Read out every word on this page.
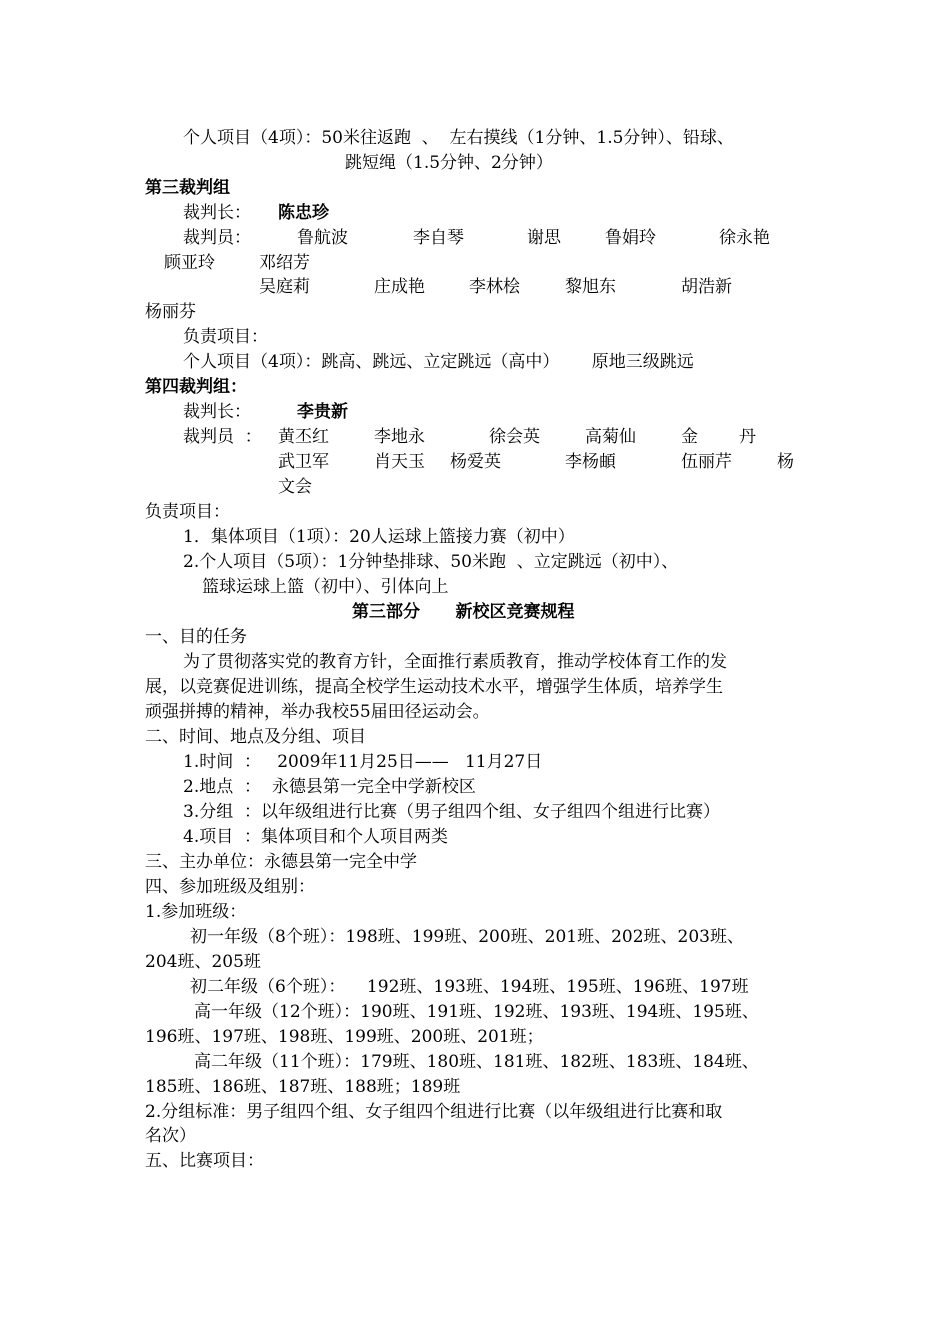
个人项目（4项）：50米往返跑  、  左右摸线（1分钟、1.5分钟）、铅球、
跳短绳（1.5分钟、2分钟）
第三裁判组
裁判长： 陈忠珍
裁判员：	鲁航波	李自琴	谢思	鲁娟玲	徐永艳
顾亚玲	邓绍芳
吴庭莉	庄成艳	李林桧	黎旭东	胡浩新
杨丽芬
负责项目：
个人项目（4项）：跳高、跳远、立定跳远（高中）      原地三级跳远
第四裁判组：
裁判长：	李贵新
裁判员  ： 黄丕红	李地永	徐会英	高菊仙	金 丹
武卫军	肖天玉 杨爱英	李杨頔	伍丽芹	杨
文会
负责项目：
1．集体项目（1项）：20人运球上篮接力赛（初中）
2.个人项目（5项）：1分钟垫排球、50米跑  、立定跳远（初中）、
篮球运球上篮（初中）、引体向上
第三部分      新校区竞赛规程
一、目的任务
为了贯彻落实党的教育方针，全面推行素质教育，推动学校体育工作的发
展，以竞赛促进训练，提高全校学生运动技术水平，增强学生体质，培养学生
顽强拼搏的精神，举办我校55届田径运动会。
二、时间、地点及分组、项目
1.时间  ：   2009年11月25日——   11月27日
2.地点  ：  永德县第一完全中学新校区
3.分组  ：以年级组进行比赛（男子组四个组、女子组四个组进行比赛）
4.项目  ：集体项目和个人项目两类
三、主办单位：永德县第一完全中学
四、参加班级及组别：
1.参加班级：
初一年级（8个班）：198班、199班、200班、201班、202班、203班、
204班、205班
初二年级（6个班）：    192班、193班、194班、195班、196班、197班
高一年级（12个班）：190班、191班、192班、193班、194班、195班、
196班、197班、198班、199班、200班、201班；
高二年级（11个班）：179班、180班、181班、182班、183班、184班、
185班、186班、187班、188班；189班
2.分组标准：男子组四个组、女子组四个组进行比赛（以年级组进行比赛和取
名次）
五、比赛项目：
